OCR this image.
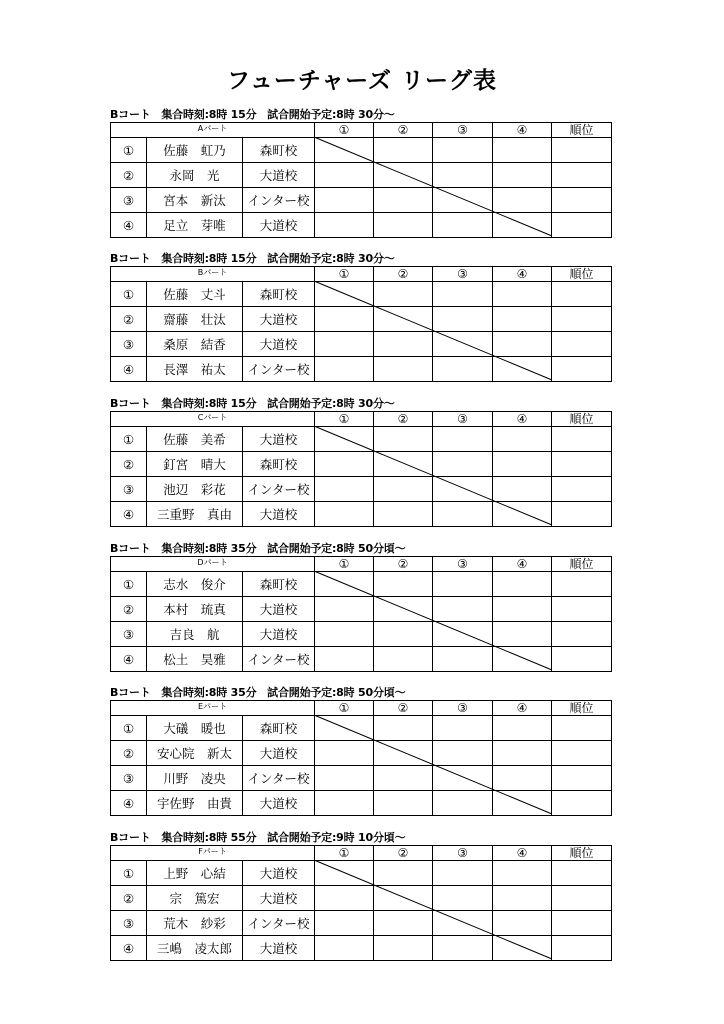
フューチャーズ リーグ表
Bコート　集合時刻:8時 15分　試合開始予定:8時 30分～
Aパート			①	②	③	④	順位
①	佐藤　虹乃	森町校					
②	永岡　光	大道校					
③	宮本　新汰	インター校					
④	足立　芽唯	大道校					
Bコート　集合時刻:8時 15分　試合開始予定:8時 30分～
Bパート			①	②	③	④	順位
①	佐藤　丈斗	森町校					
②	齋藤　壮汰	大道校					
③	桑原　結香	大道校					
④	長澤　祐太	インター校					
Bコート　集合時刻:8時 15分　試合開始予定:8時 30分～
Cパート			①	②	③	④	順位
①	佐藤　美希	大道校					
②	釘宮　晴大	森町校					
③	池辺　彩花	インター校					
④	三重野　真由	大道校					
Bコート　集合時刻:8時 35分　試合開始予定:8時 50分頃～
Dパート			①	②	③	④	順位
①	志水　俊介	森町校					
②	本村　琉真	大道校					
③	吉良　航	大道校					
④	松土　昊雅	インター校					
Bコート　集合時刻:8時 35分　試合開始予定:8時 50分頃～
Eパート			①	②	③	④	順位
①	大礒　暖也	森町校					
②	安心院　新太	大道校					
③	川野　凌央	インター校					
④	宇佐野　由貴	大道校					
Bコート　集合時刻:8時 55分　試合開始予定:9時 10分頃～
Fパート			①	②	③	④	順位
①	上野　心結	大道校					
②	宗　篤宏	大道校					
③	荒木　紗彩	インター校					
④	三嶋　凌太郎	大道校					
